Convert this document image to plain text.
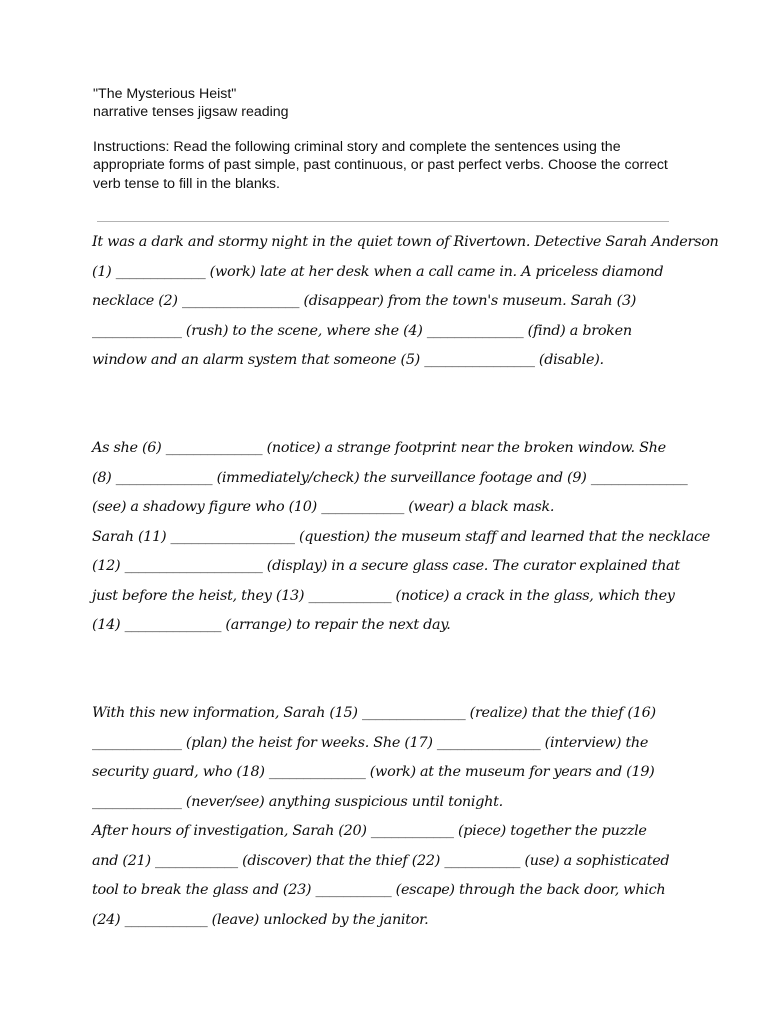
"The Mysterious Heist"

narrative tenses jigsaw reading

Instructions: Read the following criminal story and complete the sentences using the appropriate forms of past simple, past continuous, or past perfect verbs. Choose the correct verb tense to fill in the blanks.

It was a dark and stormy night in the quiet town of Rivertown. Detective Sarah Anderson
(1) _____________ (work) late at her desk when a call came in. A priceless diamond
necklace (2) _________________ (disappear) from the town's museum. Sarah (3)
_____________ (rush) to the scene, where she (4) ______________ (find) a broken
window and an alarm system that someone (5) ________________ (disable).

As she (6) ______________ (notice) a strange footprint near the broken window. She
(8) ______________ (immediately/check) the surveillance footage and (9) ______________
(see) a shadowy figure who (10) ____________ (wear) a black mask.
Sarah (11) __________________ (question) the museum staff and learned that the necklace
(12) ____________________ (display) in a secure glass case. The curator explained that
just before the heist, they (13) ____________ (notice) a crack in the glass, which they
(14) ______________ (arrange) to repair the next day.

With this new information, Sarah (15) _______________ (realize) that the thief (16)
_____________ (plan) the heist for weeks. She (17) _______________ (interview) the
security guard, who (18) ______________ (work) at the museum for years and (19)
_____________ (never/see) anything suspicious until tonight.
After hours of investigation, Sarah (20) ____________ (piece) together the puzzle
and (21) ____________ (discover) that the thief (22) ___________ (use) a sophisticated
tool to break the glass and (23) ___________ (escape) through the back door, which
(24) ____________ (leave) unlocked by the janitor.
